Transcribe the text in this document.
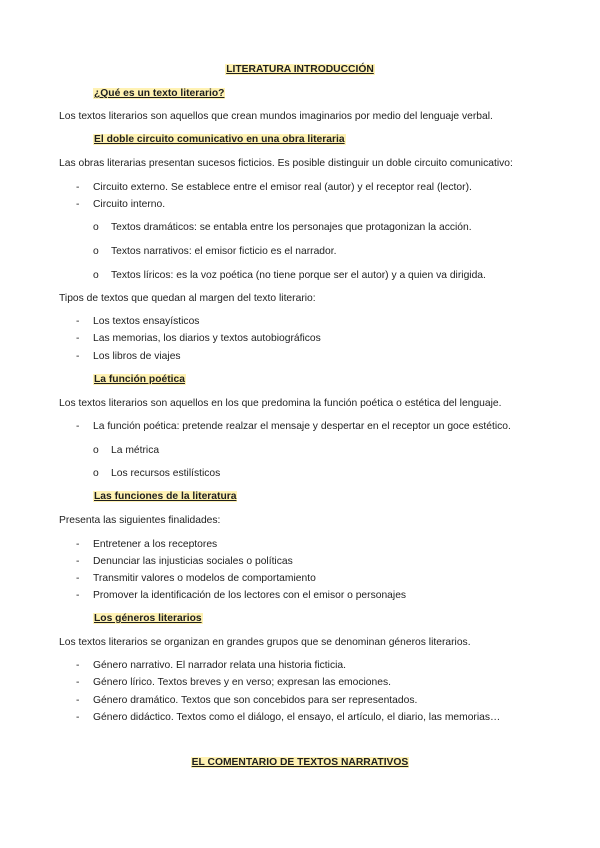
LITERATURA INTRODUCCIÓN
¿Qué es un texto literario?
Los textos literarios son aquellos que crean mundos imaginarios por medio del lenguaje verbal.
El doble circuito comunicativo en una obra literaria
Las obras literarias presentan sucesos ficticios. Es posible distinguir un doble circuito comunicativo:
- Circuito externo. Se establece entre el emisor real (autor) y el receptor real (lector).
- Circuito interno.
o Textos dramáticos: se entabla entre los personajes que protagonizan la acción.
o Textos narrativos: el emisor ficticio es el narrador.
o Textos líricos: es la voz poética (no tiene porque ser el autor) y a quien va dirigida.
Tipos de textos que quedan al margen del texto literario:
- Los textos ensayísticos
- Las memorias, los diarios y textos autobiográficos
- Los libros de viajes
La función poética
Los textos literarios son aquellos en los que predomina la función poética o estética del lenguaje.
- La función poética: pretende realzar el mensaje y despertar en el receptor un goce estético.
o La métrica
o Los recursos estilísticos
Las funciones de la literatura
Presenta las siguientes finalidades:
- Entretener a los receptores
- Denunciar las injusticias sociales o políticas
- Transmitir valores o modelos de comportamiento
- Promover la identificación de los lectores con el emisor o personajes
Los géneros literarios
Los textos literarios se organizan en grandes grupos que se denominan géneros literarios.
- Género narrativo. El narrador relata una historia ficticia.
- Género lírico. Textos breves y en verso; expresan las emociones.
- Género dramático. Textos que son concebidos para ser representados.
- Género didáctico. Textos como el diálogo, el ensayo, el artículo, el diario, las memorias…
EL COMENTARIO DE TEXTOS NARRATIVOS
